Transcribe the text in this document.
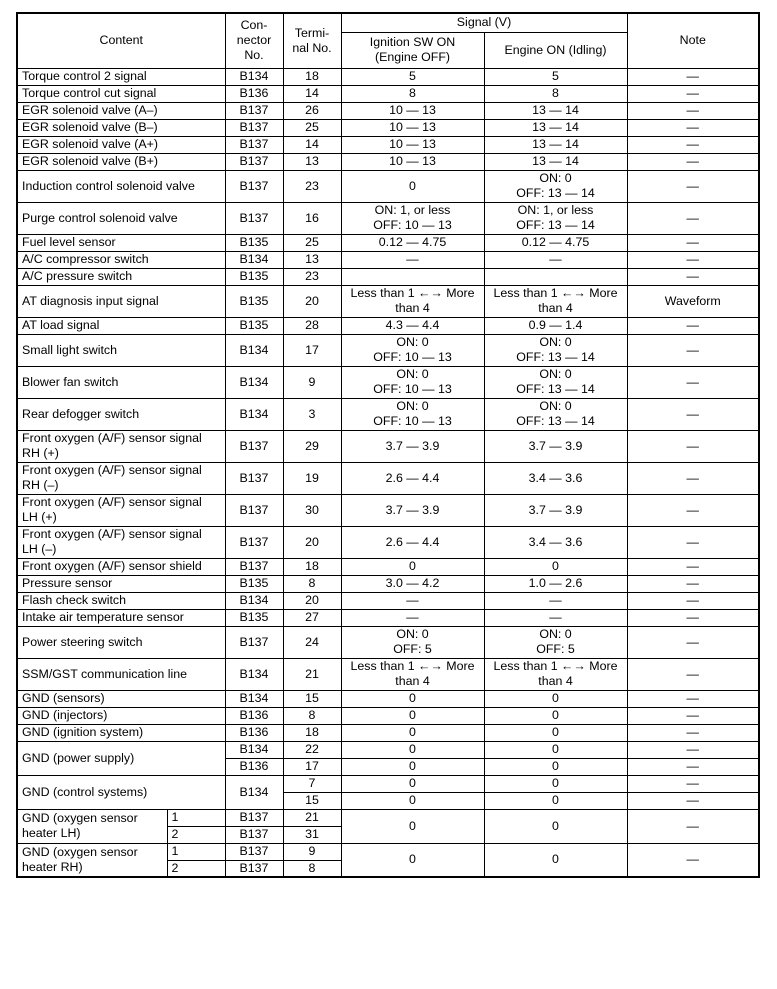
Content		Con-
nector
No.	Termi-
nal No.	Signal (V)		Note
				Ignition SW ON
(Engine OFF)	Engine ON (Idling)	
Torque control 2 signal		B134	18	5	5	—
Torque control cut signal		B136	14	8	8	—
EGR solenoid valve (A–)		B137	26	10 — 13	13 — 14	—
EGR solenoid valve (B–)		B137	25	10 — 13	13 — 14	—
EGR solenoid valve (A+)		B137	14	10 — 13	13 — 14	—
EGR solenoid valve (B+)		B137	13	10 — 13	13 — 14	—
Induction control solenoid valve		B137	23	0	ON: 0
OFF: 13 — 14	—
Purge control solenoid valve		B137	16	ON: 1, or less
OFF: 10 — 13	ON: 1, or less
OFF: 13 — 14	—
Fuel level sensor		B135	25	0.12 — 4.75	0.12 — 4.75	—
A/C compressor switch		B134	13	—	—	—
A/C pressure switch		B135	23			—
AT diagnosis input signal		B135	20	Less than 1 ←→ More
than 4	Less than 1 ←→ More
than 4	Waveform
AT load signal		B135	28	4.3 — 4.4	0.9 — 1.4	—
Small light switch		B134	17	ON: 0
OFF: 10 — 13	ON: 0
OFF: 13 — 14	—
Blower fan switch		B134	9	ON: 0
OFF: 10 — 13	ON: 0
OFF: 13 — 14	—
Rear defogger switch		B134	3	ON: 0
OFF: 10 — 13	ON: 0
OFF: 13 — 14	—
Front oxygen (A/F) sensor signal
RH (+)		B137	29	3.7 — 3.9	3.7 — 3.9	—
Front oxygen (A/F) sensor signal
RH (–)		B137	19	2.6 — 4.4	3.4 — 3.6	—
Front oxygen (A/F) sensor signal
LH (+)		B137	30	3.7 — 3.9	3.7 — 3.9	—
Front oxygen (A/F) sensor signal
LH (–)		B137	20	2.6 — 4.4	3.4 — 3.6	—
Front oxygen (A/F) sensor shield		B137	18	0	0	—
Pressure sensor		B135	8	3.0 — 4.2	1.0 — 2.6	—
Flash check switch		B134	20	—	—	—
Intake air temperature sensor		B135	27	—	—	—
Power steering switch		B137	24	ON: 0
OFF: 5	ON: 0
OFF: 5	—
SSM/GST communication line		B134	21	Less than 1 ←→ More
than 4	Less than 1 ←→ More
than 4	—
GND (sensors)		B134	15	0	0	—
GND (injectors)		B136	8	0	0	—
GND (ignition system)		B136	18	0	0	—
GND (power supply)		B134	22	0	0	—
		B136	17	0	0	—
GND (control systems)		B134	7	0	0	—
			15	0	0	—
GND (oxygen sensor
heater LH)	1	B137	21	0	0	—
	2	B137	31			
GND (oxygen sensor
heater RH)	1	B137	9	0	0	—
	2	B137	8			
